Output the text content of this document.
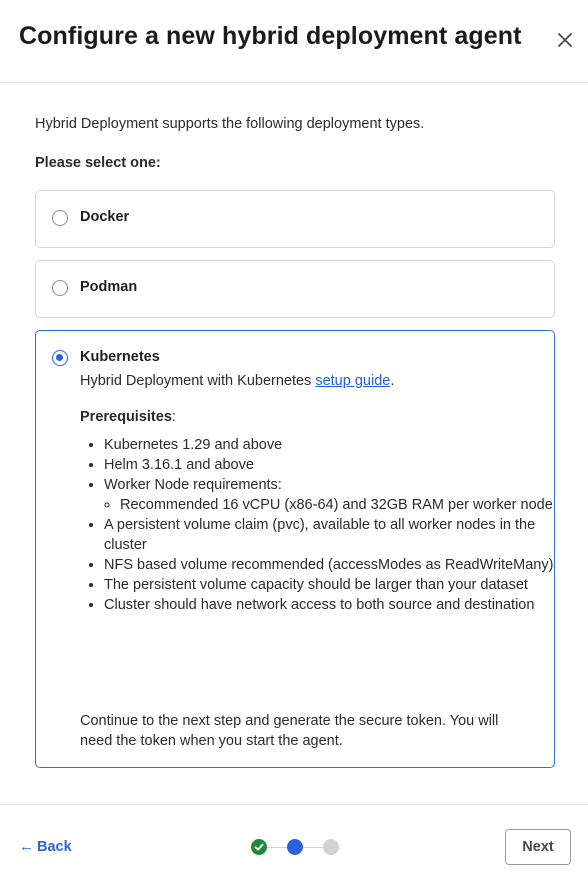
Configure a new hybrid deployment agent
Hybrid Deployment supports the following deployment types.
Please select one:
Docker
Podman
Kubernetes
Hybrid Deployment with Kubernetes setup guide.
Prerequisites:
• Kubernetes 1.29 and above
• Helm 3.16.1 and above
• Worker Node requirements:
◦ Recommended 16 vCPU (x86-64) and 32GB RAM per worker node
• A persistent volume claim (pvc), available to all worker nodes in the cluster
• NFS based volume recommended (accessModes as ReadWriteMany)
• The persistent volume capacity should be larger than your dataset
• Cluster should have network access to both source and destination
Continue to the next step and generate the secure token. You will need the token when you start the agent.
← Back	Next
